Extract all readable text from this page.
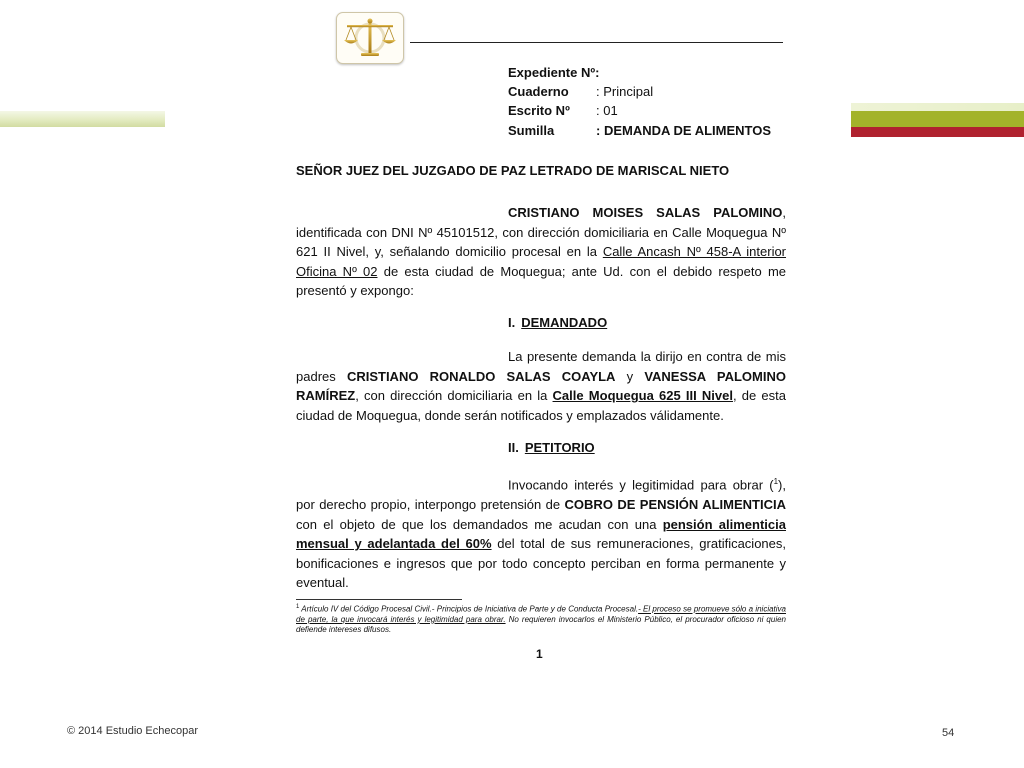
Expediente Nº:
Cuaderno : Principal
Escrito Nº : 01
Sumilla	: DEMANDA DE ALIMENTOS
SEÑOR JUEZ DEL JUZGADO DE PAZ LETRADO DE MARISCAL NIETO
CRISTIANO MOISES SALAS PALOMINO, identificada con DNI Nº 45101512, con dirección domiciliaria en Calle Moquegua Nº 621 II Nivel, y, señalando domicilio procesal en la Calle Ancash Nº 458-A interior Oficina Nº 02 de esta ciudad de Moquegua; ante Ud. con el debido respeto me presentó y expongo:
I. DEMANDADO
La presente demanda la dirijo en contra de mis padres CRISTIANO RONALDO SALAS COAYLA y VANESSA PALOMINO RAMÍREZ, con dirección domiciliaria en la Calle Moquegua 625 III Nivel, de esta ciudad de Moquegua, donde serán notificados y emplazados válidamente.
II. PETITORIO
Invocando interés y legitimidad para obrar ($^1$), por derecho propio, interpongo pretensión de COBRO DE PENSIÓN ALIMENTICIA con el objeto de que los demandados me acudan con una pensión alimenticia mensual y adelantada del 60% del total de sus remuneraciones, gratificaciones, bonificaciones e ingresos que por todo concepto perciban en forma permanente y eventual.
$^1$ Artículo IV del Código Procesal Civil.- Principios de Iniciativa de Parte y de Conducta Procesal.- El proceso se promueve sólo a iniciativa de parte, la que invocará interés y legitimidad para obrar. No requieren invocarlos el Ministerio Público, el procurador oficioso ni quien defiende intereses difusos.
1
© 2014 Estudio Echecopar	54
